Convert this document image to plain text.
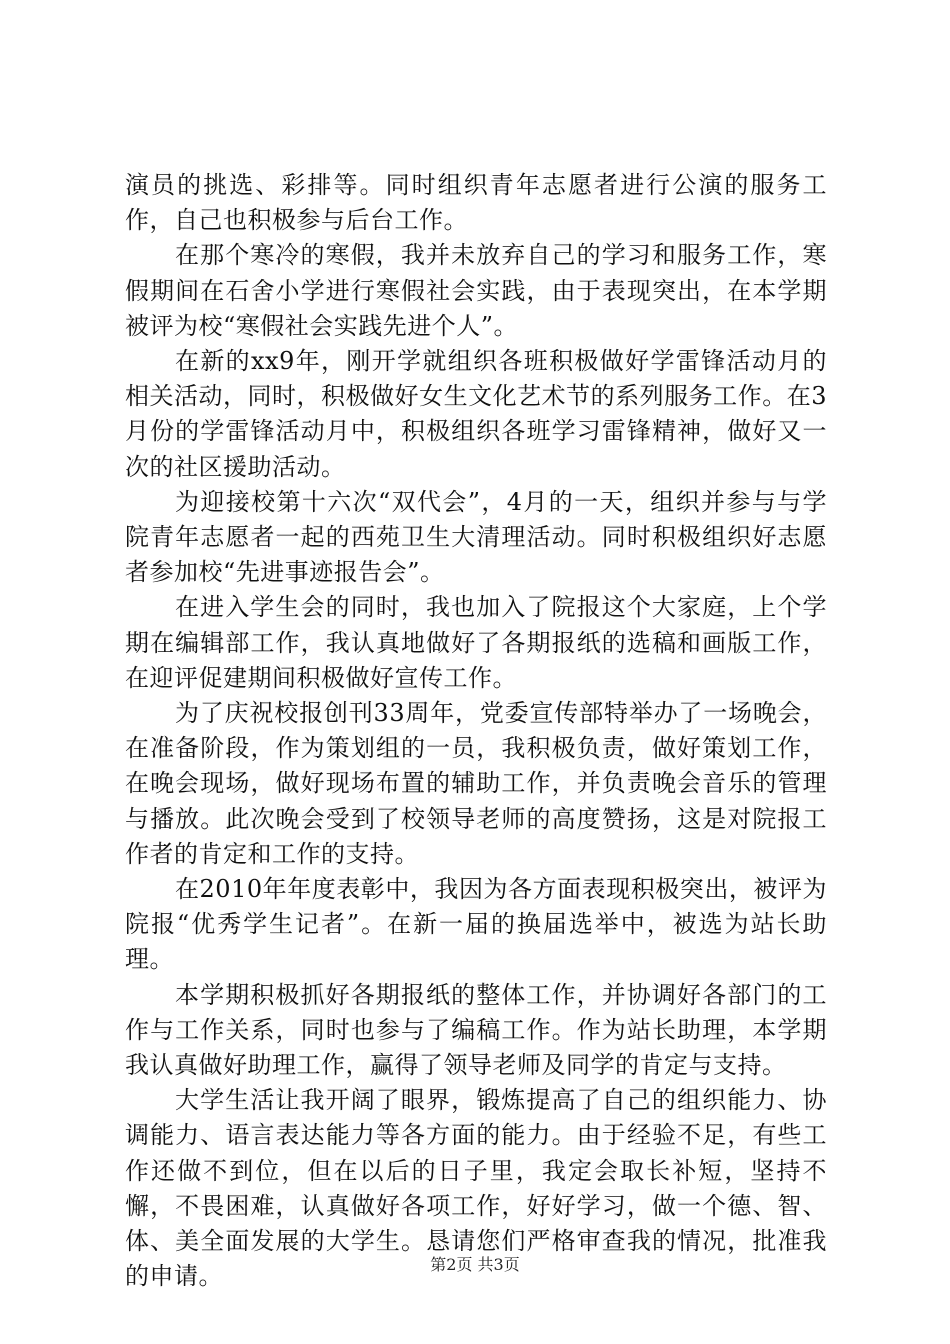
演员的挑选、彩排等。同时组织青年志愿者进行公演的服务工作，自己也积极参与后台工作。

在那个寒冷的寒假，我并未放弃自己的学习和服务工作，寒假期间在石舍小学进行寒假社会实践，由于表现突出，在本学期被评为校“寒假社会实践先进个人”。

在新的xx9年，刚开学就组织各班积极做好学雷锋活动月的相关活动，同时，积极做好女生文化艺术节的系列服务工作。在3月份的学雷锋活动月中，积极组织各班学习雷锋精神，做好又一次的社区援助活动。

为迎接校第十六次“双代会”，4月的一天，组织并参与与学院青年志愿者一起的西苑卫生大清理活动。同时积极组织好志愿者参加校“先进事迹报告会”。

在进入学生会的同时，我也加入了院报这个大家庭，上个学期在编辑部工作，我认真地做好了各期报纸的选稿和画版工作，在迎评促建期间积极做好宣传工作。

为了庆祝校报创刊33周年，党委宣传部特举办了一场晚会，在准备阶段，作为策划组的一员，我积极负责，做好策划工作，在晚会现场，做好现场布置的辅助工作，并负责晚会音乐的管理与播放。此次晚会受到了校领导老师的高度赞扬，这是对院报工作者的肯定和工作的支持。

在2010年年度表彰中，我因为各方面表现积极突出，被评为院报“优秀学生记者”。在新一届的换届选举中，被选为站长助理。

本学期积极抓好各期报纸的整体工作，并协调好各部门的工作与工作关系，同时也参与了编稿工作。作为站长助理，本学期我认真做好助理工作，赢得了领导老师及同学的肯定与支持。

大学生活让我开阔了眼界，锻炼提高了自己的组织能力、协调能力、语言表达能力等各方面的能力。由于经验不足，有些工作还做不到位，但在以后的日子里，我定会取长补短，坚持不懈，不畏困难，认真做好各项工作，好好学习，做一个德、智、体、美全面发展的大学生。恳请您们严格审查我的情况，批准我的申请。	第2页 共3页
